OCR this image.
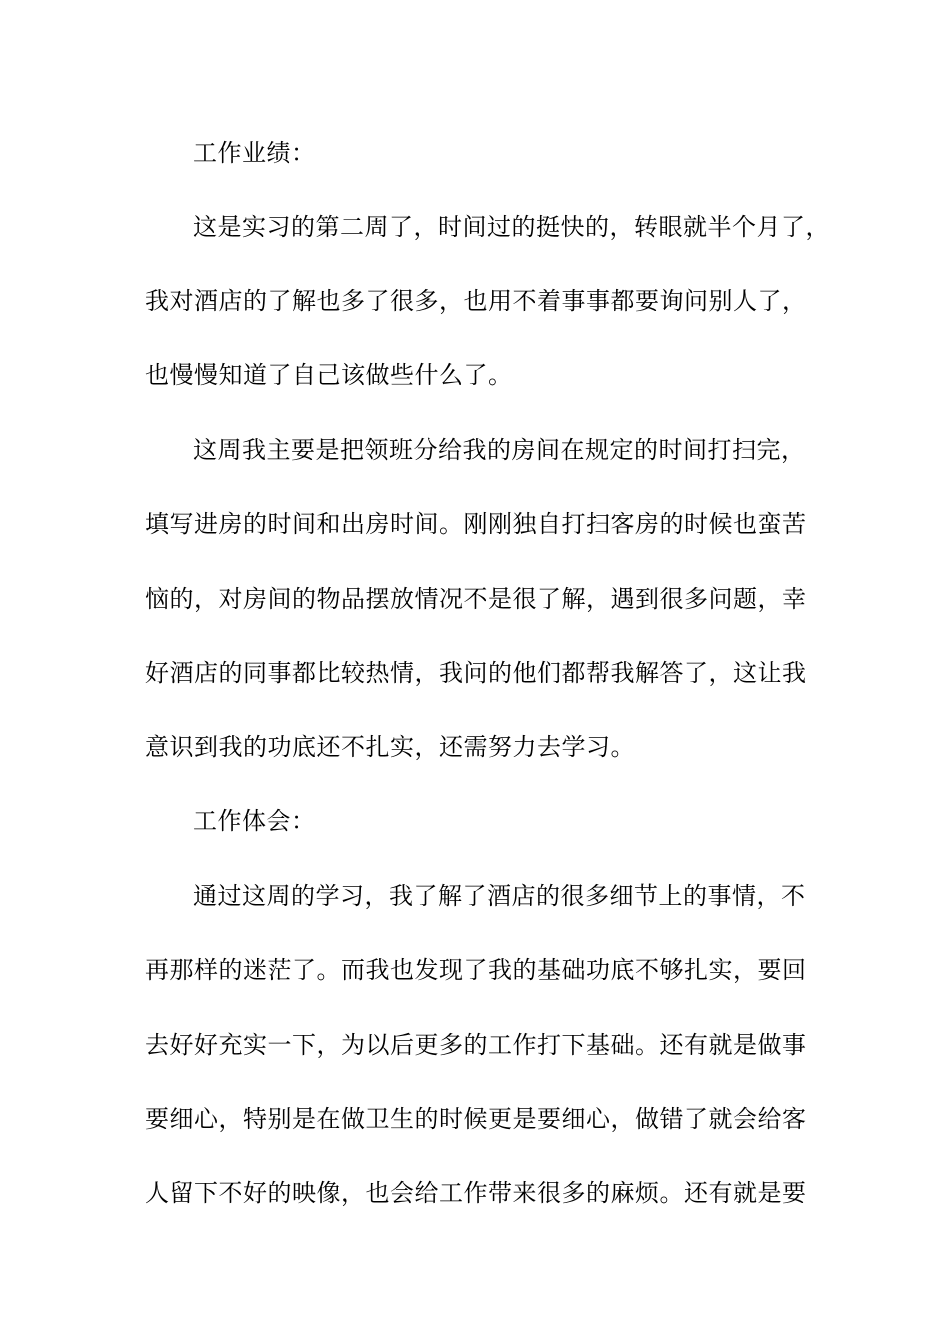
工作业绩：
这是实习的第二周了，时间过的挺快的，转眼就半个月了，
我对酒店的了解也多了很多，也用不着事事都要询问别人了，
也慢慢知道了自己该做些什么了。
这周我主要是把领班分给我的房间在规定的时间打扫完，
填写进房的时间和出房时间。刚刚独自打扫客房的时候也蛮苦
恼的，对房间的物品摆放情况不是很了解，遇到很多问题，幸
好酒店的同事都比较热情，我问的他们都帮我解答了，这让我
意识到我的功底还不扎实，还需努力去学习。
工作体会：
通过这周的学习，我了解了酒店的很多细节上的事情，不
再那样的迷茫了。而我也发现了我的基础功底不够扎实，要回
去好好充实一下，为以后更多的工作打下基础。还有就是做事
要细心，特别是在做卫生的时候更是要细心，做错了就会给客
人留下不好的映像，也会给工作带来很多的麻烦。还有就是要
